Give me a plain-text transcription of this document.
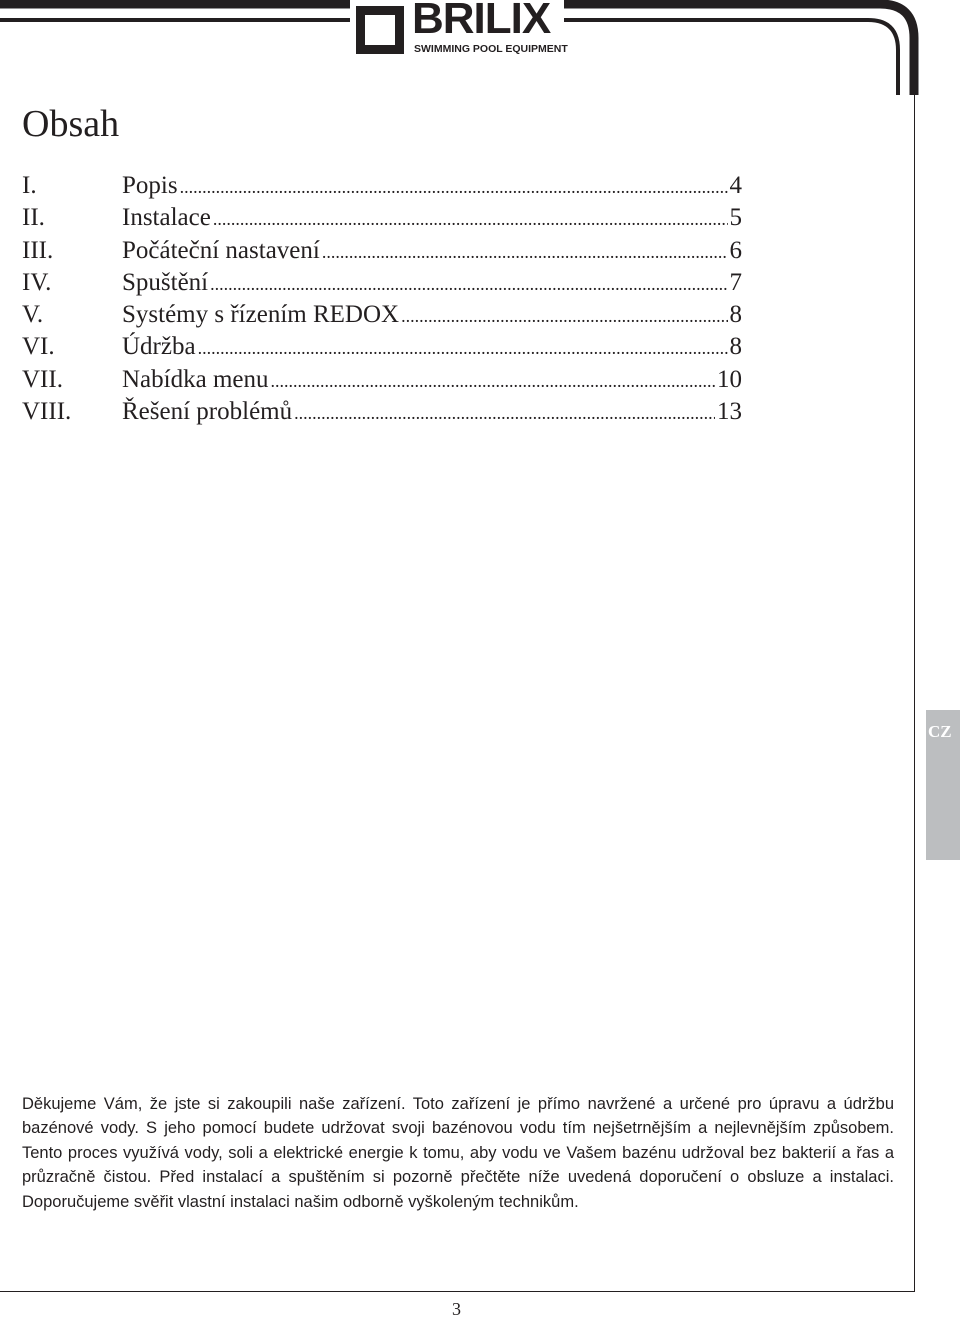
BRILIX
SWIMMING POOL EQUIPMENT
Obsah
I.	Popis .....	4
II.	Instalace .....	5
III.	Počáteční nastavení .....	6
IV.	Spuštění .....	7
V.	Systémy s řízením REDOX .....	8
VI.	Údržba .....	8
VII.	Nabídka menu .....	10
VIII.	Řešení problémů .....	13
CZ

Děkujeme Vám, že jste si zakoupili naše zařízení. Toto zařízení je přímo navržené a určené pro úpravu a údržbu bazénové vody. S jeho pomocí budete udržovat svoji bazénovou vodu tím nejšetrnějším a nejlevnějším způsobem. Tento proces využívá vody, soli a elektrické energie k tomu, aby vodu ve Vašem bazénu udržoval bez bakterií a řas a průzračně čistou. Před instalací a spuštěním si pozorně přečtěte níže uvedená doporučení o obsluze a instalaci. Doporučujeme svěřit vlastní instalaci našim odborně vyškoleným technikům.

3
